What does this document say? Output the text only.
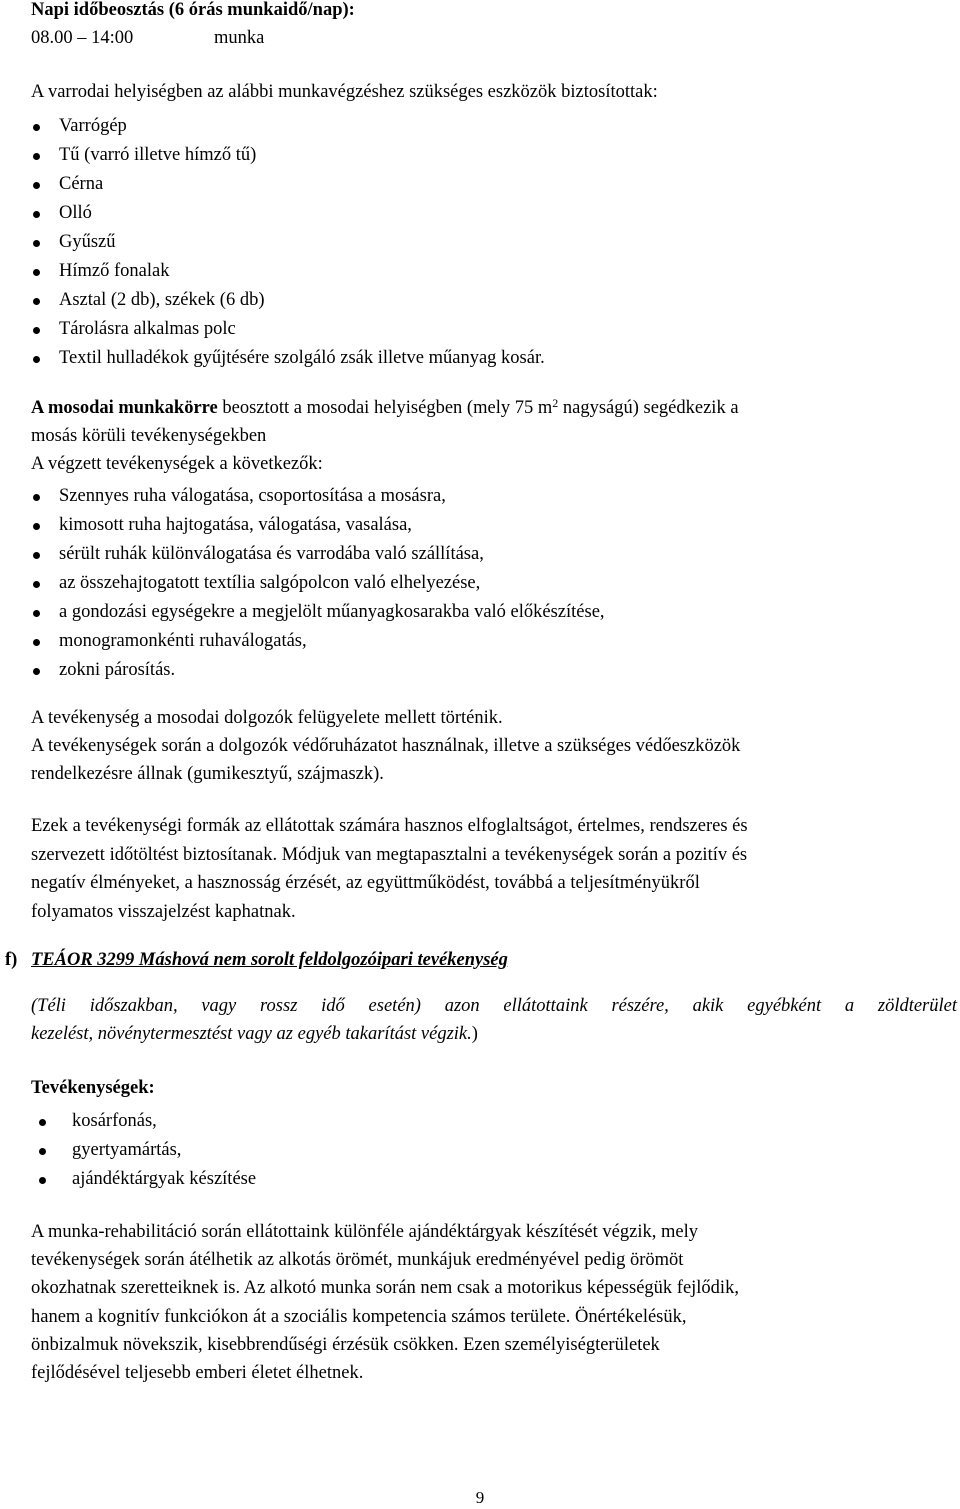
Napi időbeosztás (6 órás munkaidő/nap):

08.00 – 14:00	munka

A varrodai helyiségben az alábbi munkavégzéshez szükséges eszközök biztosítottak:

Varrógép
Tű (varró illetve hímző tű)
Cérna
Olló
Gyűszű
Hímző fonalak
Asztal (2 db), székek (6 db)
Tárolásra alkalmas polc
Textil hulladékok gyűjtésére szolgáló zsák illetve műanyag kosár.

A mosodai munkakörre beosztott a mosodai helyiségben (mely 75 $m^2$ nagyságú) segédkezik a

mosás körüli tevékenységekben

A végzett tevékenységek a következők:

Szennyes ruha válogatása, csoportosítása a mosásra,
kimosott ruha hajtogatása, válogatása, vasalása,
sérült ruhák különválogatása és varrodába való szállítása,
az összehajtogatott textília salgópolcon való elhelyezése,
a gondozási egységekre a megjelölt műanyagkosarakba való előkészítése,
monogramonkénti ruhaválogatás,
zokni párosítás.

A tevékenység a mosodai dolgozók felügyelete mellett történik.

A tevékenységek során a dolgozók védőruházatot használnak, illetve a szükséges védőeszközök

rendelkezésre állnak (gumikesztyű, szájmaszk).

Ezek a tevékenységi formák az ellátottak számára hasznos elfoglaltságot, értelmes, rendszeres és
szervezett időtöltést biztosítanak. Módjuk van megtapasztalni a tevékenységek során a pozitív és
negatív élményeket, a hasznosság érzését, az együttműködést, továbbá a teljesítményükről
folyamatos visszajelzést kaphatnak.

f) TEÁOR 3299 Máshová nem sorolt feldolgozóipari tevékenység

(Téli időszakban, vagy rossz idő esetén) azon ellátottaink részére, akik egyébként a zöldterület

kezelést, növénytermesztést vagy az egyéb takarítást végzik.)

Tevékenységek:

kosárfonás,
gyertyamártás,
ajándéktárgyak készítése
A munka-rehabilitáció során ellátottaink különféle ajándéktárgyak készítését végzik, mely
tevékenységek során átélhetik az alkotás örömét, munkájuk eredményével pedig örömöt
okozhatnak szeretteiknek is. Az alkotó munka során nem csak a motorikus képességük fejlődik,
hanem a kognitív funkciókon át a szociális kompetencia számos területe. Önértékelésük,
önbizalmuk növekszik, kisebbrendűségi érzésük csökken. Ezen személyiségterületek
fejlődésével teljesebb emberi életet élhetnek.

9
